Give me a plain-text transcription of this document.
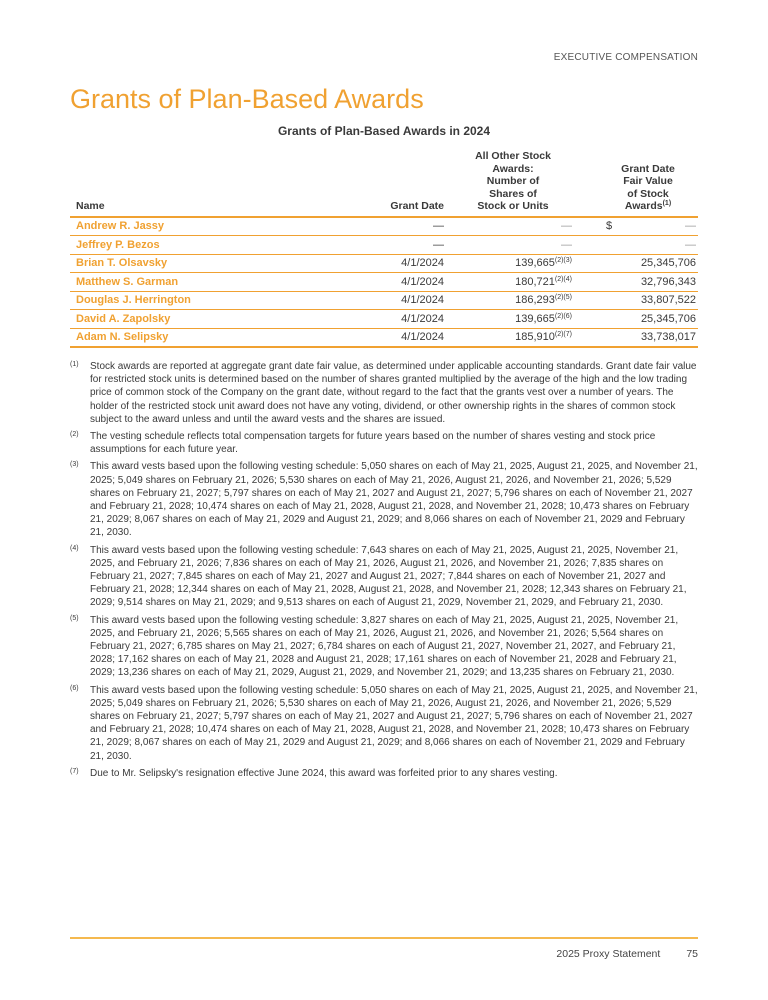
EXECUTIVE COMPENSATION
Grants of Plan-Based Awards
Grants of Plan-Based Awards in 2024
Name	Grant Date	All Other Stock
Awards:
Number of
Shares of
Stock or Units	Grant Date
Fair Value
of Stock
Awards$^{(1)}$
Andrew R. Jassy	—	—	$ —

Jeffrey P. Bezos	—	—	—
Brian T. Olsavsky	4/1/2024	$139,665^{(2)(3)}$	25,345,706
Matthew S. Garman	4/1/2024	$180,721^{(2)(4)}$	32,796,343
Douglas J. Herrington	4/1/2024	$186,293^{(2)(5)}$	33,807,522
David A. Zapolsky	4/1/2024	$139,665^{(2)(6)}$	25,345,706
Adam N. Selipsky	4/1/2024	$185,910^{(2)(7)}$	33,738,017
(1)	Stock awards are reported at aggregate grant date fair value, as determined under applicable accounting standards. Grant date fair value for restricted stock units is determined based on the number of shares granted multiplied by the average of the high and the low trading price of common stock of the Company on the grant date, without regard to the fact that the grants vest over a number of years. The holder of the restricted stock unit award does not have any voting, dividend, or other ownership rights in the shares of common stock subject to the award unless and until the award vests and the shares are issued.
(2)	The vesting schedule reflects total compensation targets for future years based on the number of shares vesting and stock price assumptions for each future year.
(3)	This award vests based upon the following vesting schedule: 5,050 shares on each of May 21, 2025, August 21, 2025, and November 21, 2025; 5,049 shares on February 21, 2026; 5,530 shares on each of May 21, 2026, August 21, 2026, and November 21, 2026; 5,529 shares on February 21, 2027; 5,797 shares on each of May 21, 2027 and August 21, 2027; 5,796 shares on each of November 21, 2027 and February 21, 2028; 10,474 shares on each of May 21, 2028, August 21, 2028, and November 21, 2028; 10,473 shares on February 21, 2029; 8,067 shares on each of May 21, 2029 and August 21, 2029; and 8,066 shares on each of November 21, 2029 and February 21, 2030.
(4)	This award vests based upon the following vesting schedule: 7,643 shares on each of May 21, 2025, August 21, 2025, November 21, 2025, and February 21, 2026; 7,836 shares on each of May 21, 2026, August 21, 2026, and November 21, 2026; 7,835 shares on February 21, 2027; 7,845 shares on each of May 21, 2027 and August 21, 2027; 7,844 shares on each of November 21, 2027 and February 21, 2028; 12,344 shares on each of May 21, 2028, August 21, 2028, and November 21, 2028; 12,343 shares on February 21, 2029; 9,514 shares on May 21, 2029; and 9,513 shares on each of August 21, 2029, November 21, 2029, and February 21, 2030.
(5)	This award vests based upon the following vesting schedule: 3,827 shares on each of May 21, 2025, August 21, 2025, November 21, 2025, and February 21, 2026; 5,565 shares on each of May 21, 2026, August 21, 2026, and November 21, 2026; 5,564 shares on February 21, 2027; 6,785 shares on May 21, 2027; 6,784 shares on each of August 21, 2027, November 21, 2027, and February 21, 2028; 17,162 shares on each of May 21, 2028 and August 21, 2028; 17,161 shares on each of November 21, 2028 and February 21, 2029; 13,236 shares on each of May 21, 2029, August 21, 2029, and November 21, 2029; and 13,235 shares on February 21, 2030.
(6)	This award vests based upon the following vesting schedule: 5,050 shares on each of May 21, 2025, August 21, 2025, and November 21, 2025; 5,049 shares on February 21, 2026; 5,530 shares on each of May 21, 2026, August 21, 2026, and November 21, 2026; 5,529 shares on February 21, 2027; 5,797 shares on each of May 21, 2027 and August 21, 2027; 5,796 shares on each of November 21, 2027 and February 21, 2028; 10,474 shares on each of May 21, 2028, August 21, 2028, and November 21, 2028; 10,473 shares on February 21, 2029; 8,067 shares on each of May 21, 2029 and August 21, 2029; and 8,066 shares on each of November 21, 2029 and February 21, 2030.
(7)	Due to Mr. Selipsky's resignation effective June 2024, this award was forfeited prior to any shares vesting.
2025 Proxy Statement 75
